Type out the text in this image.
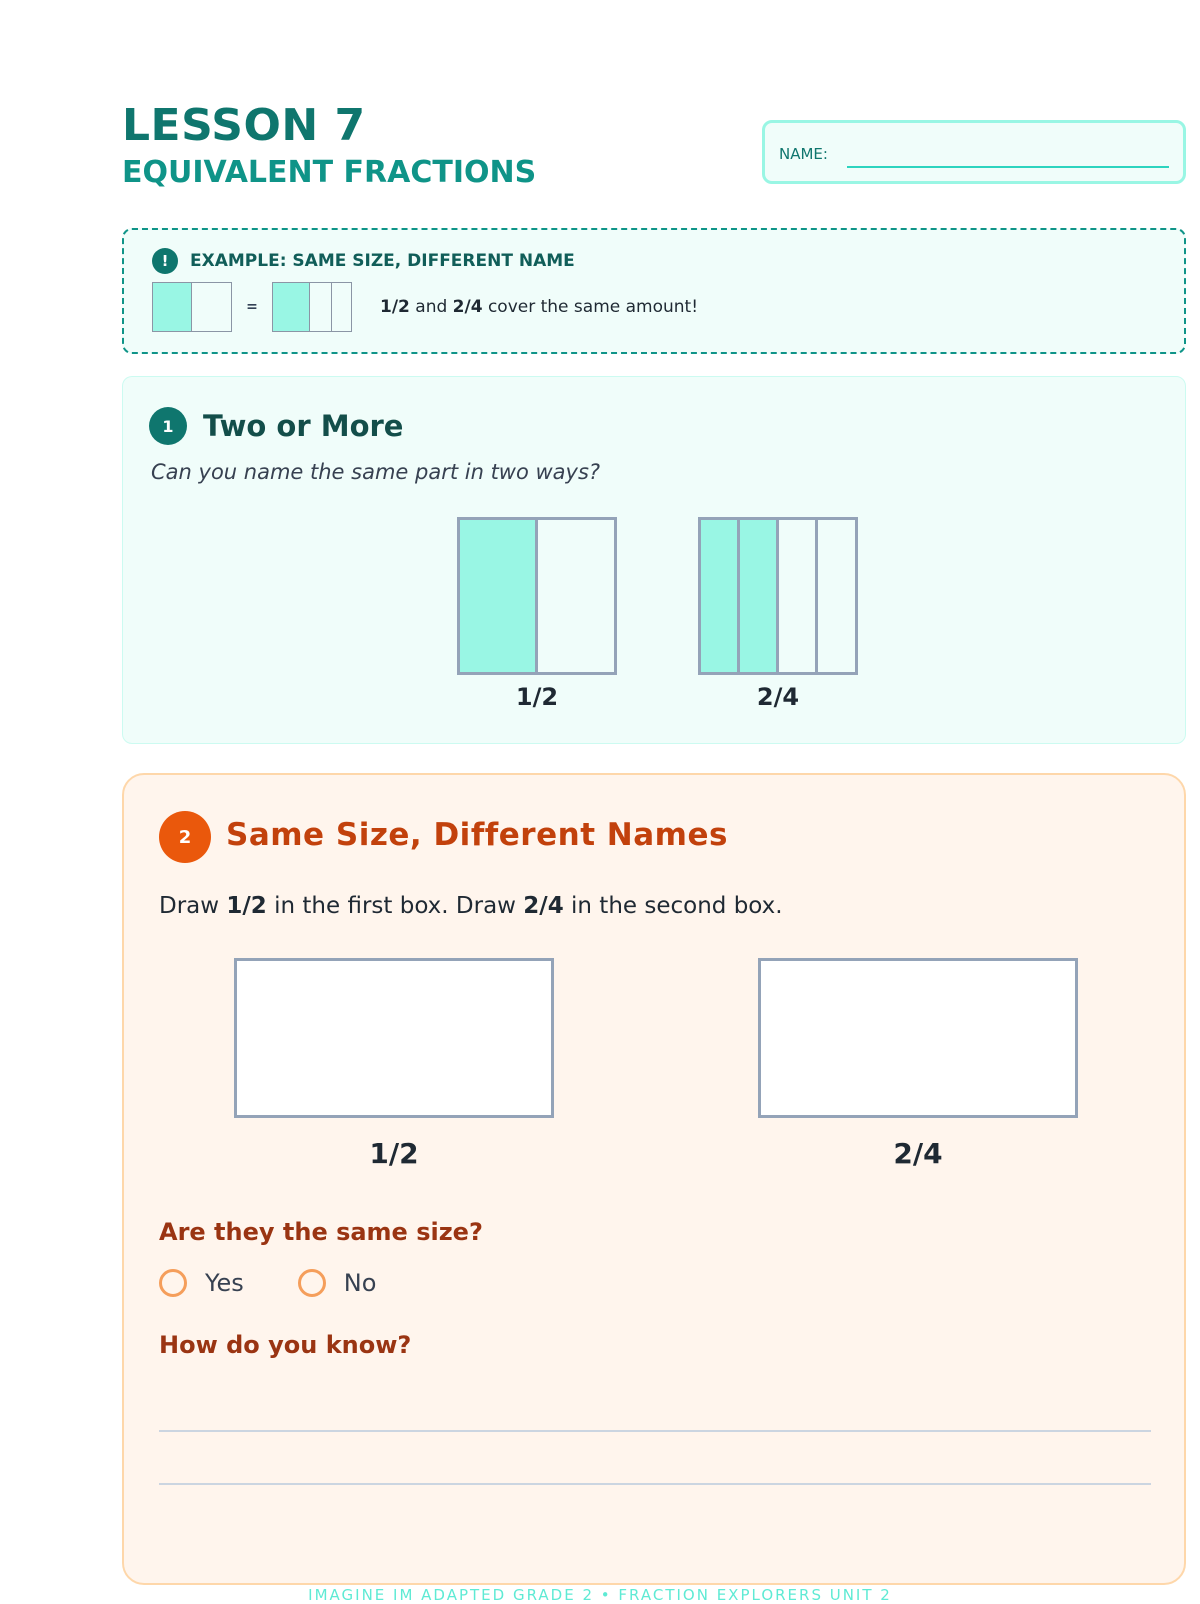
LESSON 7
EQUIVALENT FRACTIONS
NAME:
!	EXAMPLE: SAME SIZE, DIFFERENT NAME
=	1/2 and 2/4 cover the same amount!
1	Two or More
Can you name the same part in two ways?
1/2	2/4
2	Same Size, Different Names
Draw 1/2 in the first box. Draw 2/4 in the second box.
1/2	2/4
Are they the same size?
Yes	No
How do you know?
IMAGINE IM ADAPTED GRADE 2 • FRACTION EXPLORERS UNIT 2
